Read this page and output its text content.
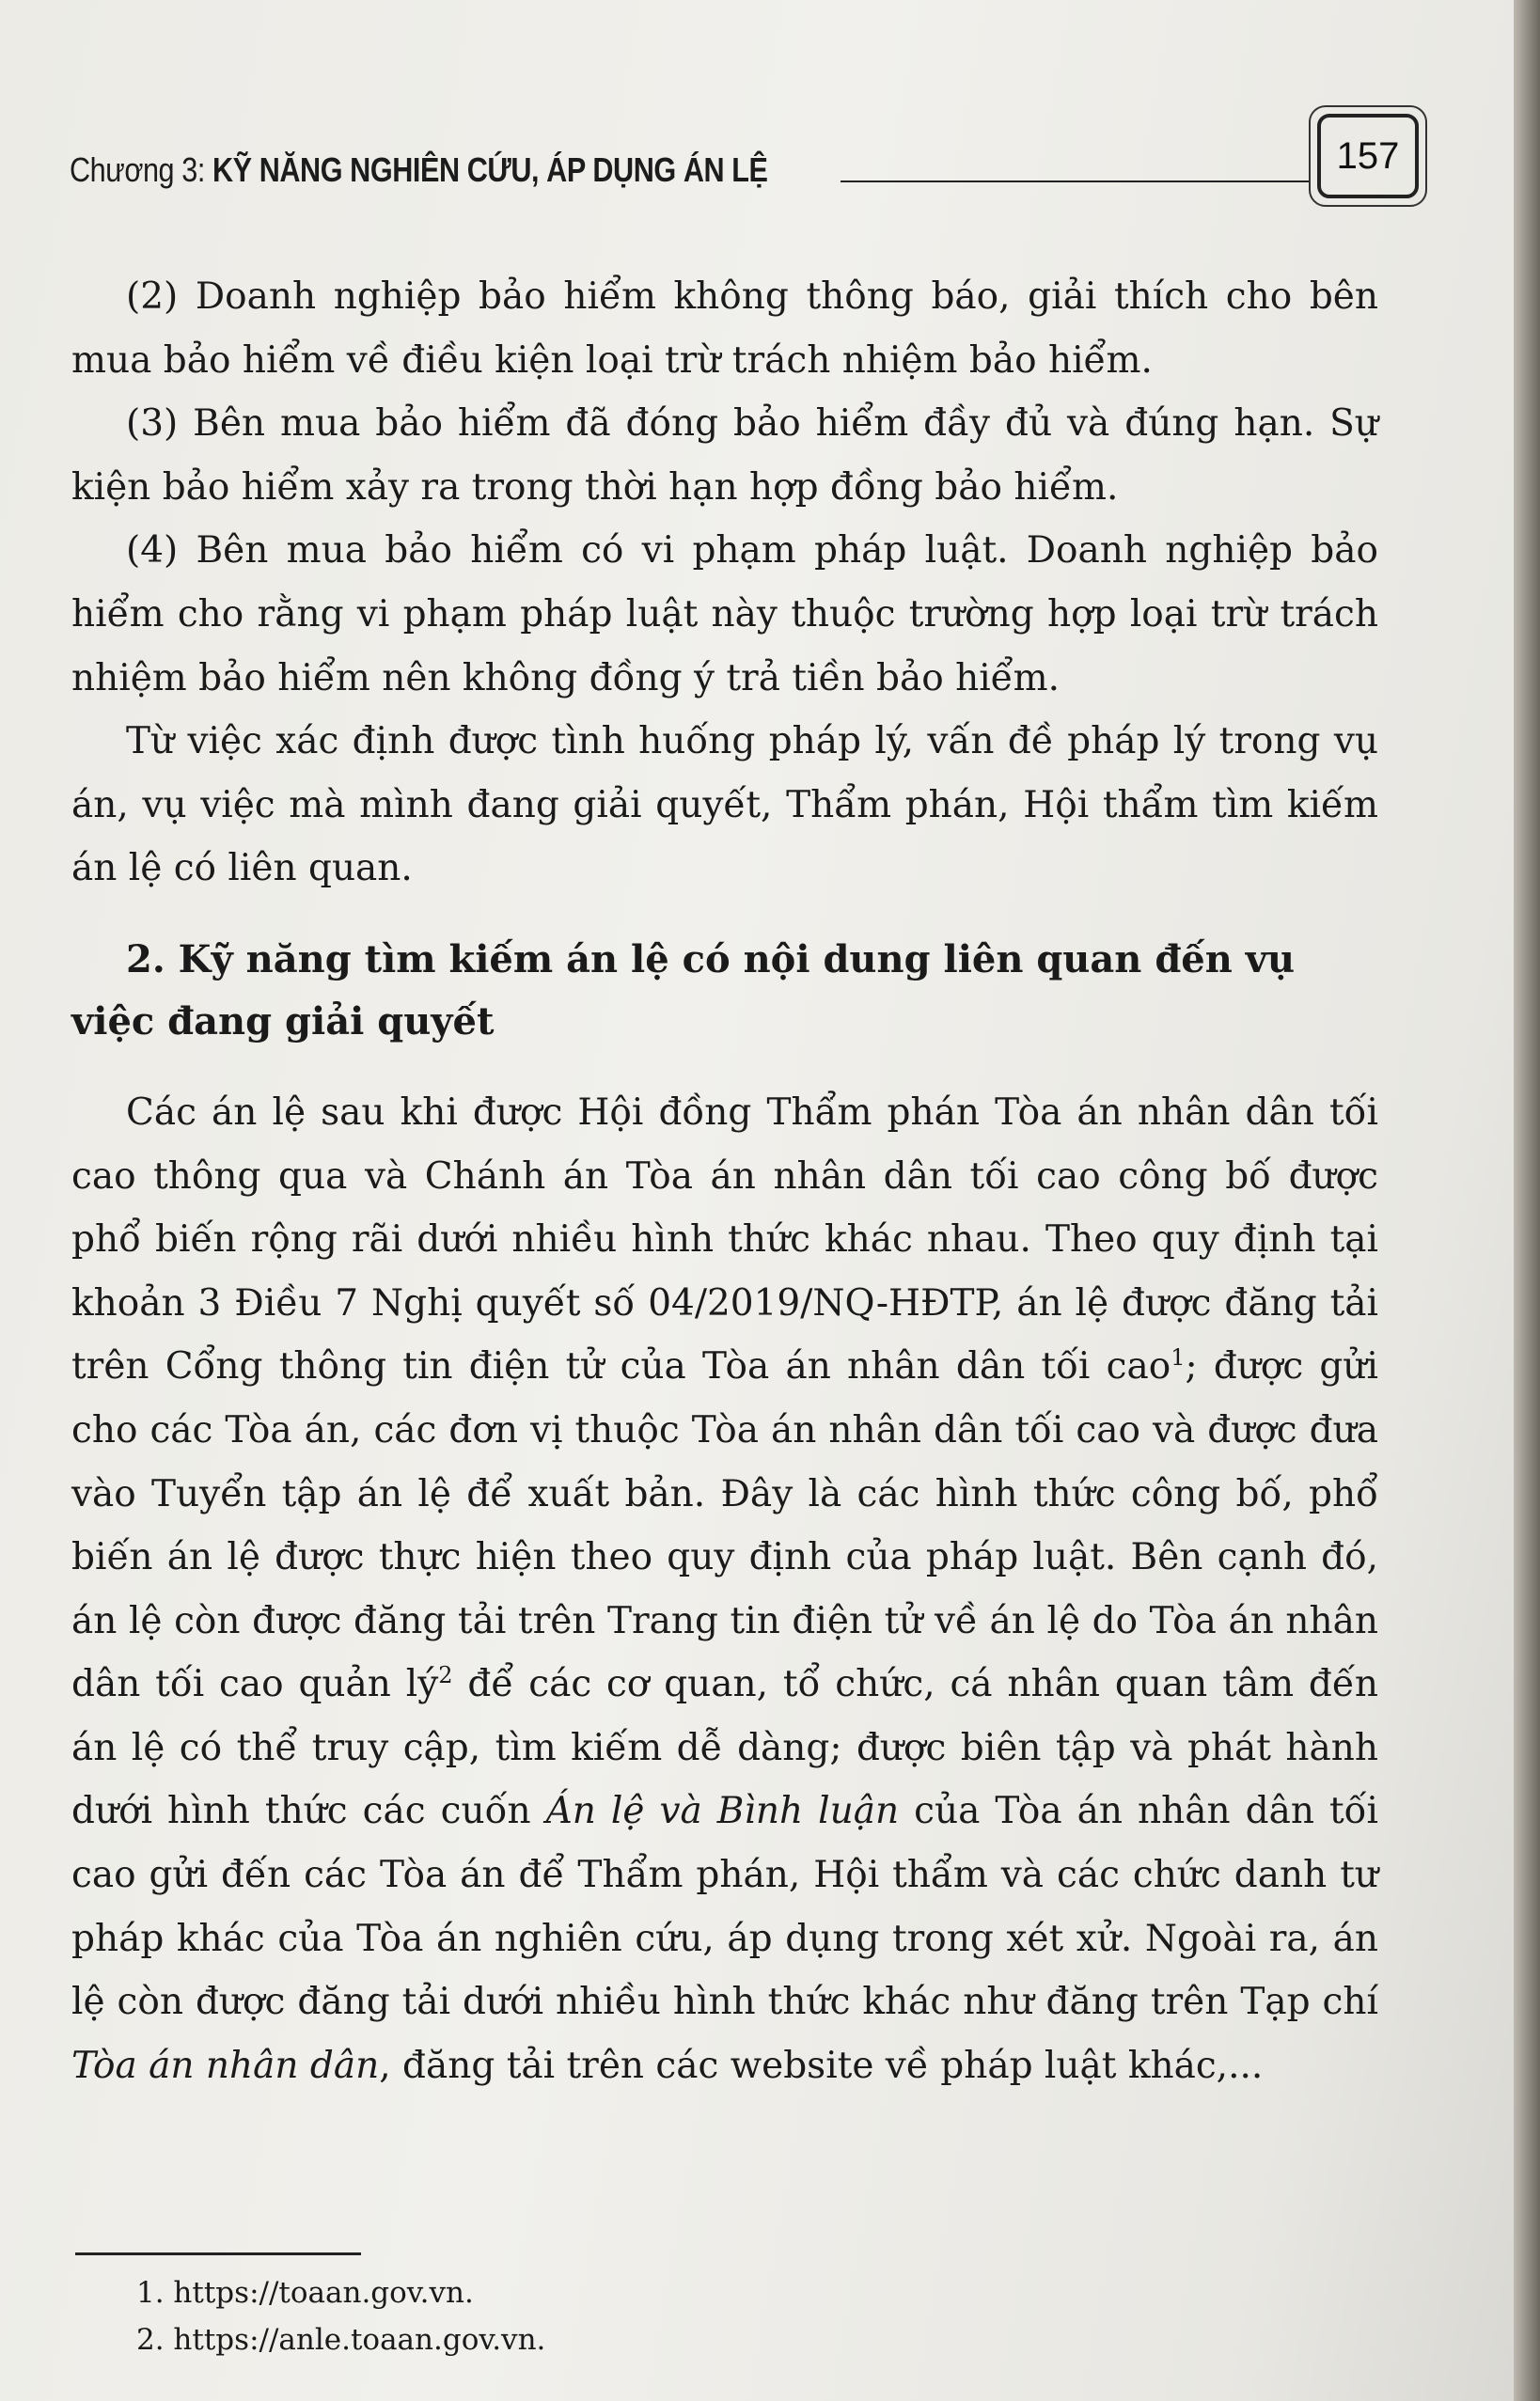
Chương 3: KỸ NĂNG NGHIÊN CỨU, ÁP DỤNG ÁN LỆ	157

(2) Doanh nghiệp bảo hiểm không thông báo, giải thích cho bên mua bảo hiểm về điều kiện loại trừ trách nhiệm bảo hiểm.

(3) Bên mua bảo hiểm đã đóng bảo hiểm đầy đủ và đúng hạn. Sự kiện bảo hiểm xảy ra trong thời hạn hợp đồng bảo hiểm.

(4) Bên mua bảo hiểm có vi phạm pháp luật. Doanh nghiệp bảo hiểm cho rằng vi phạm pháp luật này thuộc trường hợp loại trừ trách nhiệm bảo hiểm nên không đồng ý trả tiền bảo hiểm.

Từ việc xác định được tình huống pháp lý, vấn đề pháp lý trong vụ án, vụ việc mà mình đang giải quyết, Thẩm phán, Hội thẩm tìm kiếm án lệ có liên quan.

2. Kỹ năng tìm kiếm án lệ có nội dung liên quan đến vụ việc đang giải quyết

Các án lệ sau khi được Hội đồng Thẩm phán Tòa án nhân dân tối cao thông qua và Chánh án Tòa án nhân dân tối cao công bố được phổ biến rộng rãi dưới nhiều hình thức khác nhau. Theo quy định tại khoản 3 Điều 7 Nghị quyết số 04/2019/NQ-HĐTP, án lệ được đăng tải trên Cổng thông tin điện tử của Tòa án nhân dân tối cao$^1$; được gửi cho các Tòa án, các đơn vị thuộc Tòa án nhân dân tối cao và được đưa vào Tuyển tập án lệ để xuất bản. Đây là các hình thức công bố, phổ biến án lệ được thực hiện theo quy định của pháp luật. Bên cạnh đó, án lệ còn được đăng tải trên Trang tin điện tử về án lệ do Tòa án nhân dân tối cao quản $lý^2$ để các cơ quan, tổ chức, cá nhân quan tâm đến án lệ có thể truy cập, tìm kiếm dễ dàng; được biên tập và phát hành dưới hình thức các cuốn Án lệ và Bình luận của Tòa án nhân dân tối cao gửi đến các Tòa án để Thẩm phán, Hội thẩm và các chức danh tư pháp khác của Tòa án nghiên cứu, áp dụng trong xét xử. Ngoài ra, án lệ còn được đăng tải dưới nhiều hình thức khác như đăng trên Tạp chí Tòa án nhân dân, đăng tải trên các website về pháp luật khác,...

1. https://toaan.gov.vn.
2. https://anle.toaan.gov.vn.
